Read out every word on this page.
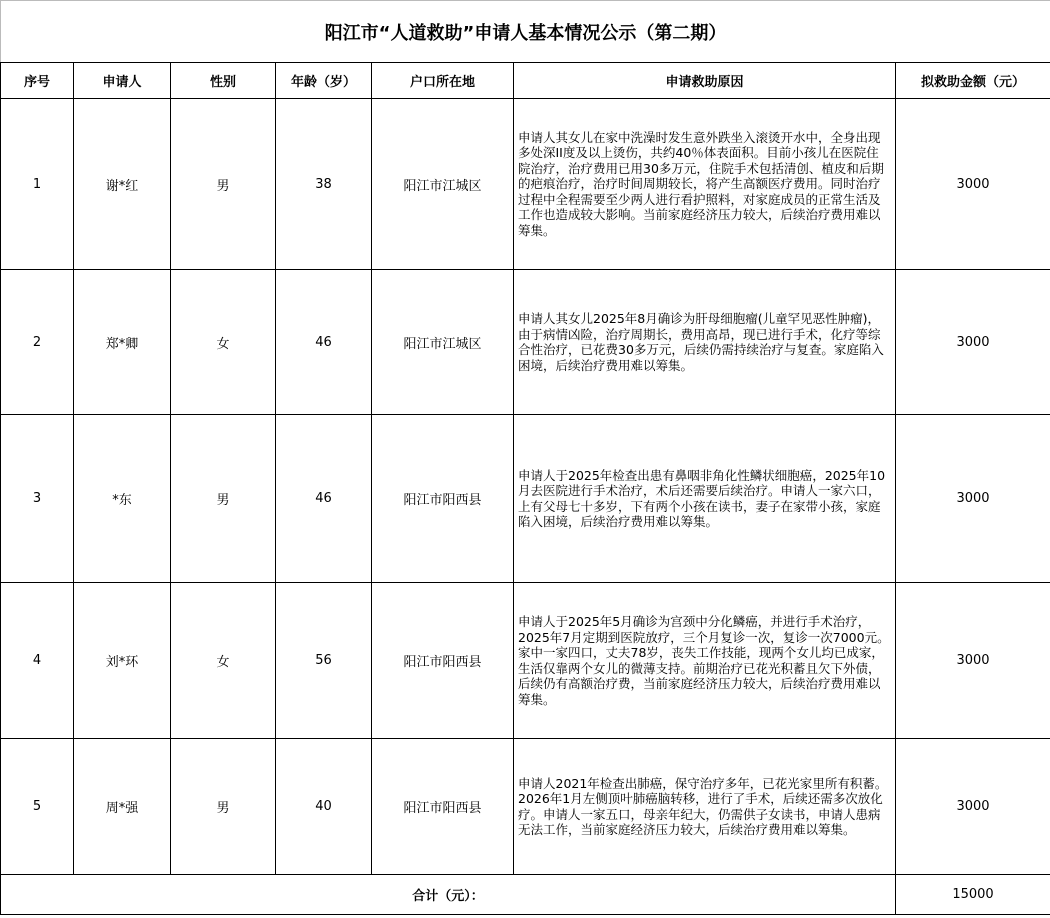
阳江市“人道救助”申请人基本情况公示（第二期）						
序号	申请人	性别	年龄（岁）	户口所在地	申请救助原因	拟救助金额（元）
1	谢*红	男	38	阳江市江城区	申请人其女儿在家中洗澡时发生意外跌坐入滚烫开水中，全身出现多处深II度及以上烫伤，共约40％体表面积。目前小孩儿在医院住院治疗，治疗费用已用30多万元，住院手术包括清创、植皮和后期的疤痕治疗，治疗时间周期较长，将产生高额医疗费用。同时治疗过程中全程需要至少两人进行看护照料，对家庭成员的正常生活及工作也造成较大影响。当前家庭经济压力较大，后续治疗费用难以筹集。	3000
2	郑*卿	女	46	阳江市江城区	申请人其女儿2025年8月确诊为肝母细胞瘤(儿童罕见恶性肿瘤)，由于病情凶险，治疗周期长，费用高昂，现已进行手术，化疗等综合性治疗，已花费30多万元，后续仍需持续治疗与复查。家庭陷入困境，后续治疗费用难以筹集。	3000
3	*东	男	46	阳江市阳西县	申请人于2025年检查出患有鼻咽非角化性鳞状细胞癌，2025年10月去医院进行手术治疗，术后还需要后续治疗。申请人一家六口，上有父母七十多岁，下有两个小孩在读书，妻子在家带小孩，家庭陷入困境，后续治疗费用难以筹集。	3000
4	刘*环	女	56	阳江市阳西县	申请人于2025年5月确诊为宫颈中分化鳞癌，并进行手术治疗，2025年7月定期到医院放疗，三个月复诊一次，复诊一次7000元。家中一家四口，丈夫78岁，丧失工作技能，现两个女儿均已成家，生活仅靠两个女儿的微薄支持。前期治疗已花光积蓄且欠下外债，后续仍有高额治疗费，当前家庭经济压力较大，后续治疗费用难以筹集。	3000
5	周*强	男	40	阳江市阳西县	申请人2021年检查出肺癌，保守治疗多年，已花光家里所有积蓄。2026年1月左侧顶叶肺癌脑转移，进行了手术，后续还需多次放化疗。申请人一家五口，母亲年纪大，仍需供子女读书，申请人患病无法工作，当前家庭经济压力较大，后续治疗费用难以筹集。	3000
合计（元）：						15000
